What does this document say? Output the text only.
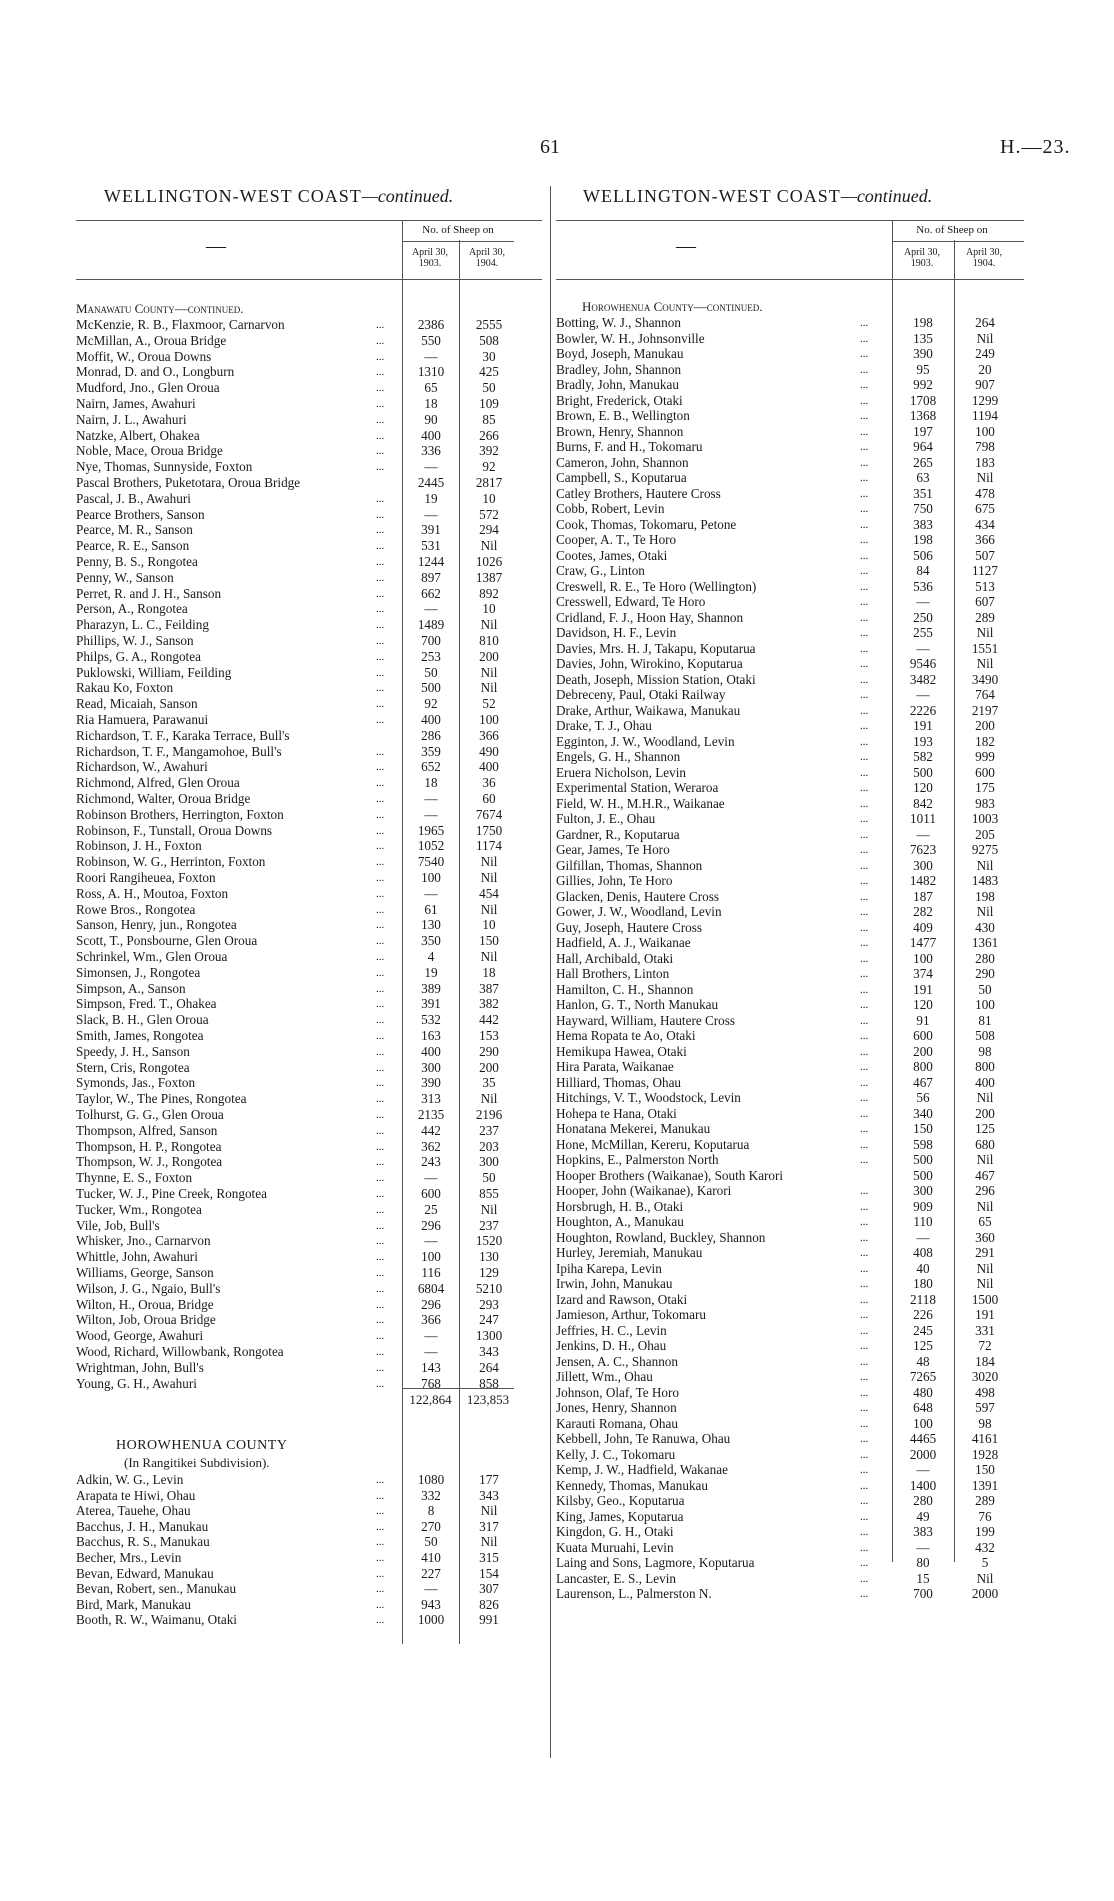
61	H.—23.
WELLINGTON-WEST COAST—continued.
—
No. of Sheep on
April 30, 1903.
April 30, 1904.
Manawatu County—continued.
McKenzie, R. B., Flaxmoor, Carnarvon	...	2386	2555
McMillan, A., Oroua Bridge	...	550	508
Moffit, W., Oroua Downs	...	—	30
Monrad, D. and O., Longburn	...	1310	425
Mudford, Jno., Glen Oroua	...	65	50
Nairn, James, Awahuri	...	18	109
Nairn, J. L., Awahuri	...	90	85
Natzke, Albert, Ohakea	...	400	266
Noble, Mace, Oroua Bridge	...	336	392
Nye, Thomas, Sunnyside, Foxton	...	—	92
Pascal Brothers, Puketotara, Oroua Bridge	2445	2817
Pascal, J. B., Awahuri	...	19	10
Pearce Brothers, Sanson	...	—	572
Pearce, M. R., Sanson	...	391	294
Pearce, R. E., Sanson	...	531	Nil
Penny, B. S., Rongotea	...	1244	1026
Penny, W., Sanson	...	897	1387
Perret, R. and J. H., Sanson	...	662	892
Person, A., Rongotea	...	—	10
Pharazyn, L. C., Feilding	...	1489	Nil
Phillips, W. J., Sanson	...	700	810
Philps, G. A., Rongotea	...	253	200
Puklowski, William, Feilding	...	50	Nil
Rakau Ko, Foxton	...	500	Nil
Read, Micaiah, Sanson	...	92	52
Ria Hamuera, Parawanui	...	400	100
Richardson, T. F., Karaka Terrace, Bull's	286	366
Richardson, T. F., Mangamohoe, Bull's	...	359	490
Richardson, W., Awahuri	...	652	400
Richmond, Alfred, Glen Oroua	...	18	36
Richmond, Walter, Oroua Bridge	...	—	60
Robinson Brothers, Herrington, Foxton	...	—	7674
Robinson, F., Tunstall, Oroua Downs	...	1965	1750
Robinson, J. H., Foxton	...	1052	1174
Robinson, W. G., Herrinton, Foxton	...	7540	Nil
Roori Rangiheuea, Foxton	...	100	Nil
Ross, A. H., Moutoa, Foxton	...	—	454
Rowe Bros., Rongotea	...	61	Nil
Sanson, Henry, jun., Rongotea	...	130	10
Scott, T., Ponsbourne, Glen Oroua	...	350	150
Schrinkel, Wm., Glen Oroua	...	4	Nil
Simonsen, J., Rongotea	...	19	18
Simpson, A., Sanson	...	389	387
Simpson, Fred. T., Ohakea	...	391	382
Slack, B. H., Glen Oroua	...	532	442
Smith, James, Rongotea	...	163	153
Speedy, J. H., Sanson	...	400	290
Stern, Cris, Rongotea	...	300	200
Symonds, Jas., Foxton	...	390	35
Taylor, W., The Pines, Rongotea	...	313	Nil
Tolhurst, G. G., Glen Oroua	...	2135	2196
Thompson, Alfred, Sanson	...	442	237
Thompson, H. P., Rongotea	...	362	203
Thompson, W. J., Rongotea	...	243	300
Thynne, E. S., Foxton	...	—	50
Tucker, W. J., Pine Creek, Rongotea	...	600	855
Tucker, Wm., Rongotea	...	25	Nil
Vile, Job, Bull's	...	296	237
Whisker, Jno., Carnarvon	...	—	1520
Whittle, John, Awahuri	...	100	130
Williams, George, Sanson	...	116	129
Wilson, J. G., Ngaio, Bull's	...	6804	5210
Wilton, H., Oroua, Bridge	...	296	293
Wilton, Job, Oroua Bridge	...	366	247
Wood, George, Awahuri	...	—	1300
Wood, Richard, Willowbank, Rongotea	...	—	343
Wrightman, John, Bull's	...	143	264
Young, G. H., Awahuri	...	768	858
122,864	123,853
HOROWHENUA COUNTY
(In Rangitikei Subdivision).
Adkin, W. G., Levin	...	1080	177
Arapata te Hiwi, Ohau	...	332	343
Aterea, Tauehe, Ohau	...	8	Nil
Bacchus, J. H., Manukau	...	270	317
Bacchus, R. S., Manukau	...	50	Nil
Becher, Mrs., Levin	...	410	315
Bevan, Edward, Manukau	...	227	154
Bevan, Robert, sen., Manukau	...	—	307
Bird, Mark, Manukau	...	943	826
Booth, R. W., Waimanu, Otaki	...	1000	991
WELLINGTON-WEST COAST—continued.
—
No. of Sheep on
April 30, 1903.
April 30, 1904.
Horowhenua County—continued.
Botting, W. J., Shannon	...	198	264
Bowler, W. H., Johnsonville	...	135	Nil
Boyd, Joseph, Manukau	...	390	249
Bradley, John, Shannon	...	95	20
Bradly, John, Manukau	...	992	907
Bright, Frederick, Otaki	...	1708	1299
Brown, E. B., Wellington	...	1368	1194
Brown, Henry, Shannon	...	197	100
Burns, F. and H., Tokomaru	...	964	798
Cameron, John, Shannon	...	265	183
Campbell, S., Koputarua	...	63	Nil
Catley Brothers, Hautere Cross	...	351	478
Cobb, Robert, Levin	...	750	675
Cook, Thomas, Tokomaru, Petone	...	383	434
Cooper, A. T., Te Horo	...	198	366
Cootes, James, Otaki	...	506	507
Craw, G., Linton	...	84	1127
Creswell, R. E., Te Horo (Wellington)	...	536	513
Cresswell, Edward, Te Horo	...	—	607
Cridland, F. J., Hoon Hay, Shannon	...	250	289
Davidson, H. F., Levin	...	255	Nil
Davies, Mrs. H. J, Takapu, Koputarua	...	—	1551
Davies, John, Wirokino, Koputarua	...	9546	Nil
Death, Joseph, Mission Station, Otaki	...	3482	3490
Debreceny, Paul, Otaki Railway	...	—	764
Drake, Arthur, Waikawa, Manukau	...	2226	2197
Drake, T. J., Ohau	...	191	200
Egginton, J. W., Woodland, Levin	...	193	182
Engels, G. H., Shannon	...	582	999
Eruera Nicholson, Levin	...	500	600
Experimental Station, Weraroa	...	120	175
Field, W. H., M.H.R., Waikanae	...	842	983
Fulton, J. E., Ohau	...	1011	1003
Gardner, R., Koputarua	...	—	205
Gear, James, Te Horo	...	7623	9275
Gilfillan, Thomas, Shannon	...	300	Nil
Gillies, John, Te Horo	...	1482	1483
Glacken, Denis, Hautere Cross	...	187	198
Gower, J. W., Woodland, Levin	...	282	Nil
Guy, Joseph, Hautere Cross	...	409	430
Hadfield, A. J., Waikanae	...	1477	1361
Hall, Archibald, Otaki	...	100	280
Hall Brothers, Linton	...	374	290
Hamilton, C. H., Shannon	...	191	50
Hanlon, G. T., North Manukau	...	120	100
Hayward, William, Hautere Cross	...	91	81
Hema Ropata te Ao, Otaki	...	600	508
Hemikupa Hawea, Otaki	...	200	98
Hira Parata, Waikanae	...	800	800
Hilliard, Thomas, Ohau	...	467	400
Hitchings, V. T., Woodstock, Levin	...	56	Nil
Hohepa te Hana, Otaki	...	340	200
Honatana Mekerei, Manukau	...	150	125
Hone, McMillan, Kereru, Koputarua	...	598	680
Hopkins, E., Palmerston North	...	500	Nil
Hooper Brothers (Waikanae), South Karori	500	467
Hooper, John (Waikanae), Karori	...	300	296
Horsbrugh, H. B., Otaki	...	909	Nil
Houghton, A., Manukau	...	110	65
Houghton, Rowland, Buckley, Shannon	...	—	360
Hurley, Jeremiah, Manukau	...	408	291
Ipiha Karepa, Levin	...	40	Nil
Irwin, John, Manukau	...	180	Nil
Izard and Rawson, Otaki	...	2118	1500
Jamieson, Arthur, Tokomaru	...	226	191
Jeffries, H. C., Levin	...	245	331
Jenkins, D. H., Ohau	...	125	72
Jensen, A. C., Shannon	...	48	184
Jillett, Wm., Ohau	...	7265	3020
Johnson, Olaf, Te Horo	...	480	498
Jones, Henry, Shannon	...	648	597
Karauti Romana, Ohau	...	100	98
Kebbell, John, Te Ranuwa, Ohau	...	4465	4161
Kelly, J. C., Tokomaru	...	2000	1928
Kemp, J. W., Hadfield, Wakanae	...	—	150
Kennedy, Thomas, Manukau	...	1400	1391
Kilsby, Geo., Koputarua	...	280	289
King, James, Koputarua	...	49	76
Kingdon, G. H., Otaki	...	383	199
Kuata Muruahi, Levin	...	—	432
Laing and Sons, Lagmore, Koputarua	...	80	5
Lancaster, E. S., Levin	...	15	Nil
Laurenson, L., Palmerston N.	...	700	2000
